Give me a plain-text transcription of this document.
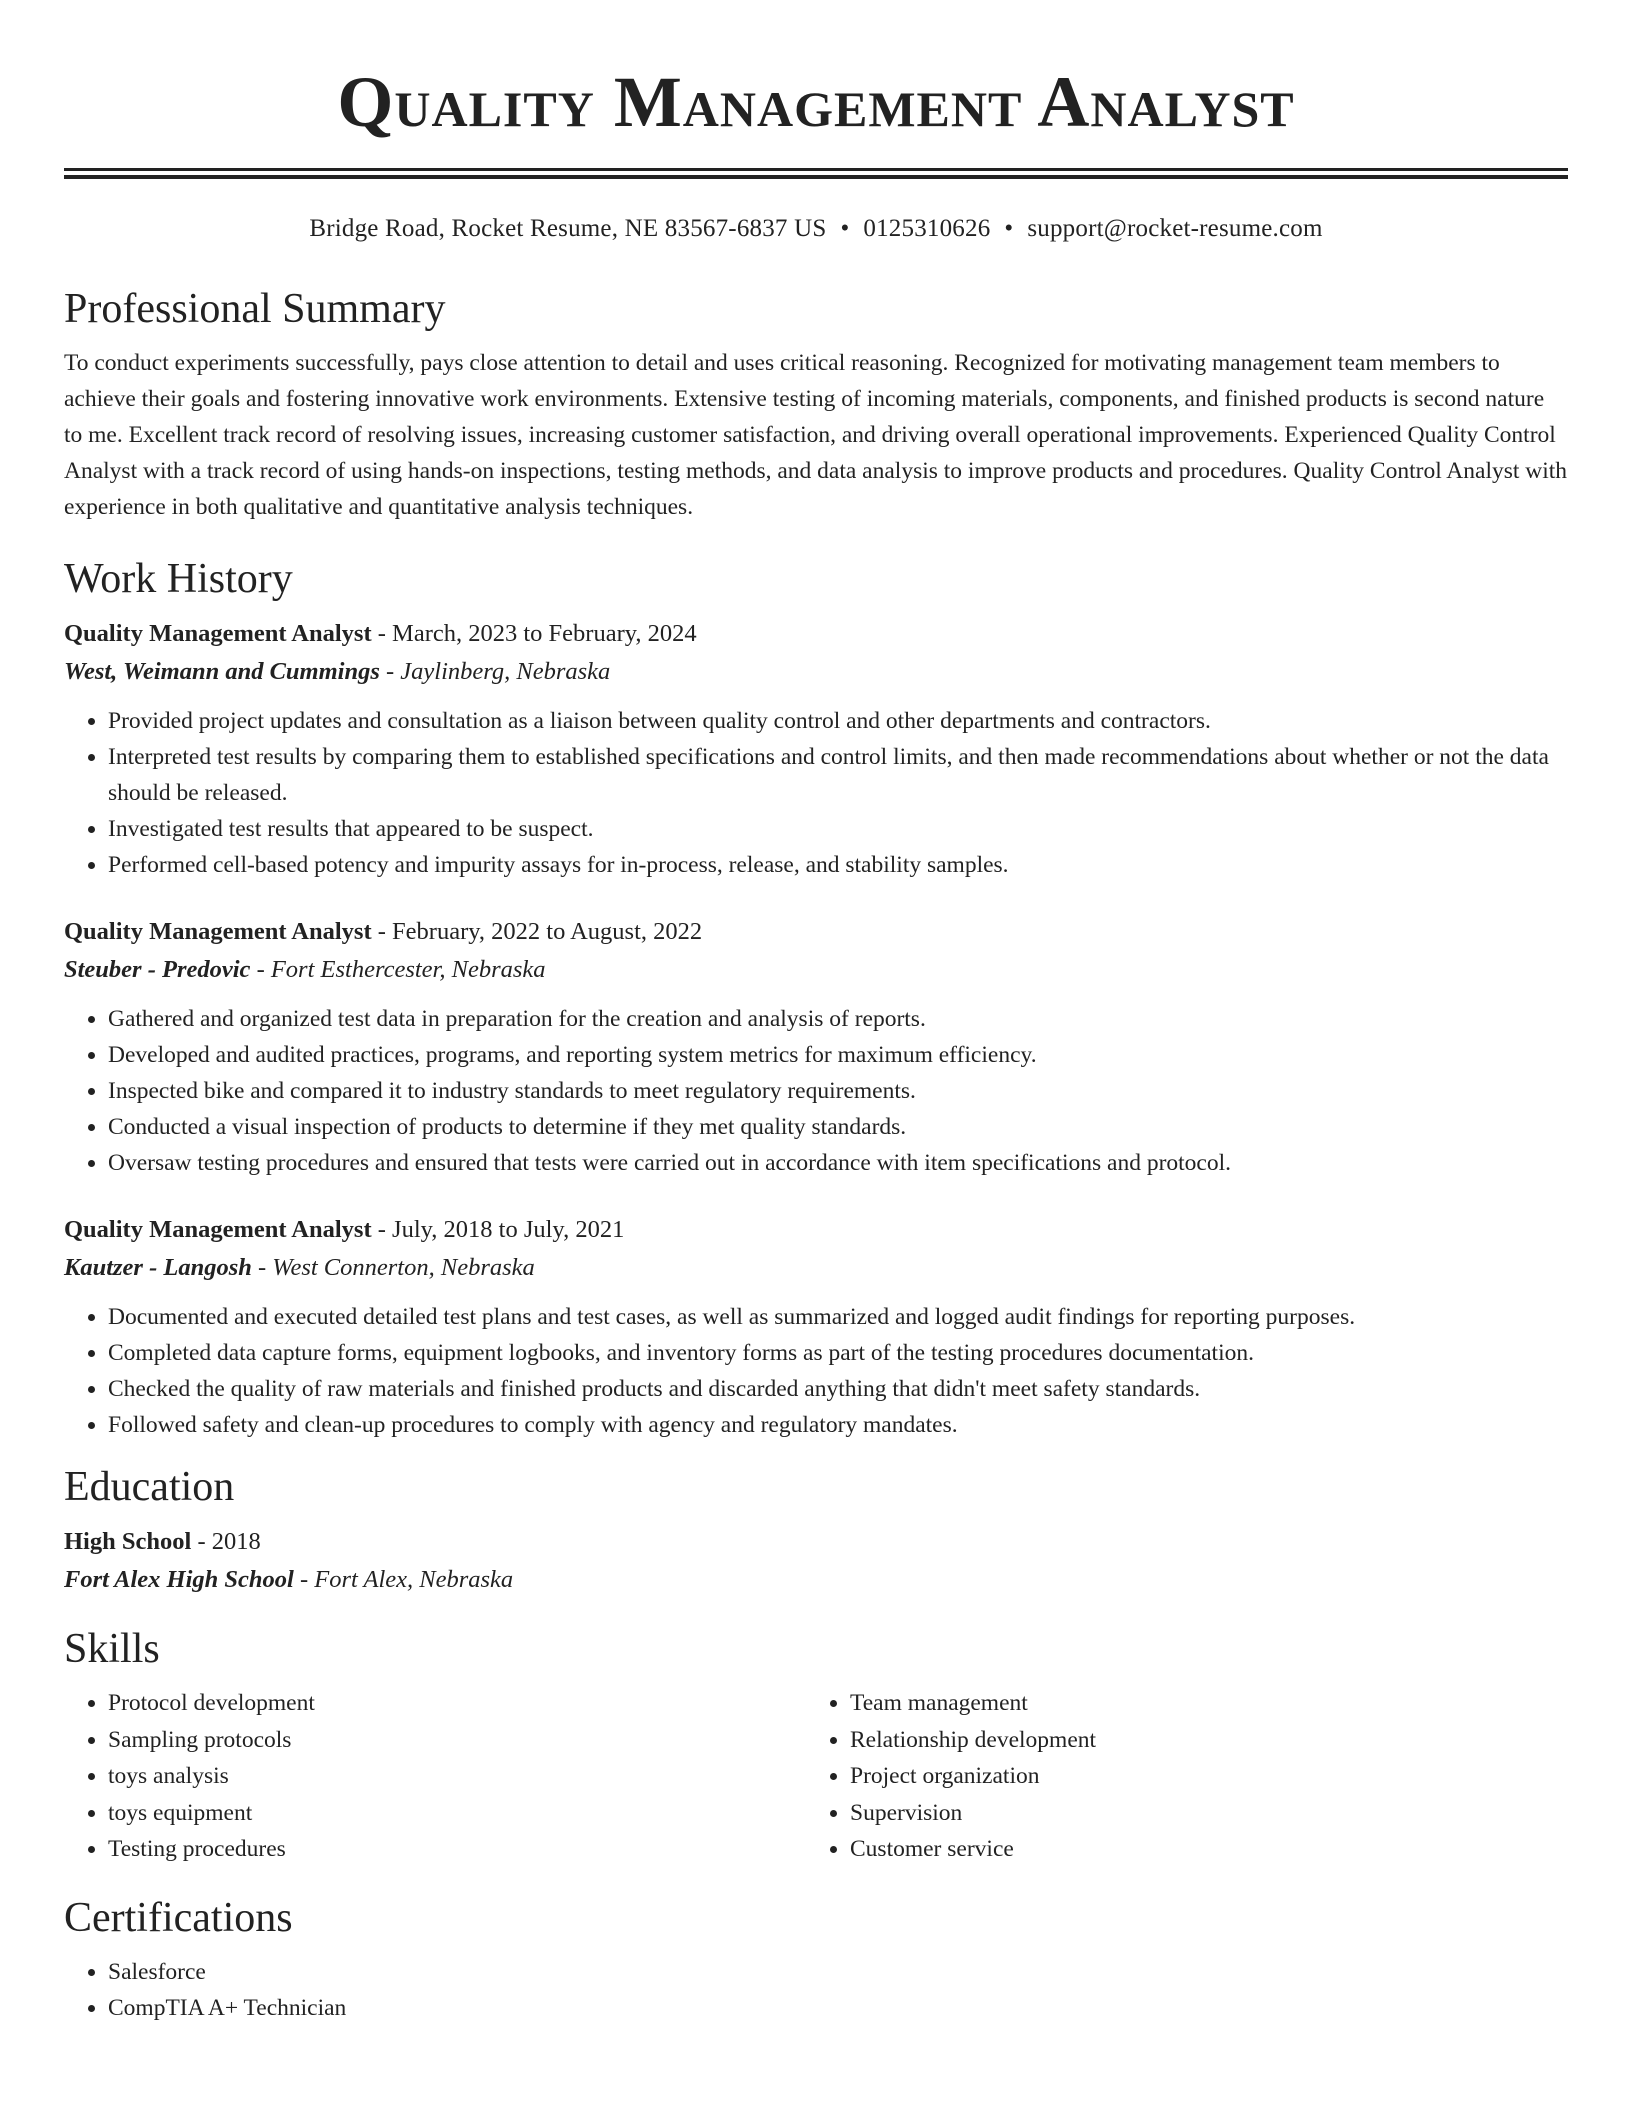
Quality Management Analyst
Bridge Road, Rocket Resume, NE 83567-6837 US • 0125310626 • support@rocket-resume.com
Professional Summary

To conduct experiments successfully, pays close attention to detail and uses critical reasoning. Recognized for motivating management team members to achieve their goals and fostering innovative work environments. Extensive testing of incoming materials, components, and finished products is second nature to me. Excellent track record of resolving issues, increasing customer satisfaction, and driving overall operational improvements. Experienced Quality Control Analyst with a track record of using hands-on inspections, testing methods, and data analysis to improve products and procedures. Quality Control Analyst with experience in both qualitative and quantitative analysis techniques.

Work History
Quality Management Analyst - March, 2023 to February, 2024
West, Weimann and Cummings - Jaylinberg, Nebraska
• Provided project updates and consultation as a liaison between quality control and other departments and contractors.
• Interpreted test results by comparing them to established specifications and control limits, and then made recommendations about whether or not the data should be released.
• Investigated test results that appeared to be suspect.
• Performed cell-based potency and impurity assays for in-process, release, and stability samples.
Quality Management Analyst - February, 2022 to August, 2022
Steuber - Predovic - Fort Esthercester, Nebraska
• Gathered and organized test data in preparation for the creation and analysis of reports.
• Developed and audited practices, programs, and reporting system metrics for maximum efficiency.
• Inspected bike and compared it to industry standards to meet regulatory requirements.
• Conducted a visual inspection of products to determine if they met quality standards.
• Oversaw testing procedures and ensured that tests were carried out in accordance with item specifications and protocol.
Quality Management Analyst - July, 2018 to July, 2021
Kautzer - Langosh - West Connerton, Nebraska
• Documented and executed detailed test plans and test cases, as well as summarized and logged audit findings for reporting purposes.
• Completed data capture forms, equipment logbooks, and inventory forms as part of the testing procedures documentation.
• Checked the quality of raw materials and finished products and discarded anything that didn't meet safety standards.
• Followed safety and clean-up procedures to comply with agency and regulatory mandates.
Education
High School - 2018
Fort Alex High School - Fort Alex, Nebraska
Skills
• Protocol development
• Sampling protocols
• toys analysis
• toys equipment
• Testing procedures
• Team management
• Relationship development
• Project organization
• Supervision
• Customer service
Certifications
• Salesforce
• CompTIA A+ Technician
